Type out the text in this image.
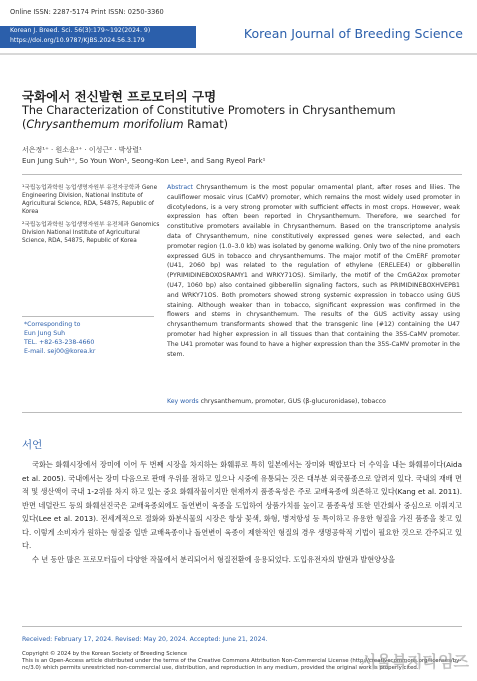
Online ISSN: 2287-5174 Print ISSN: 0250-3360
Korean J. Breed. Sci. 56(3):179~192(2024. 9)
https://doi.org/10.9787/KJBS.2024.56.3.179	Korean Journal of Breeding Science
국화에서 전신발현 프로모터의 구명
The Characterization of Constitutive Promoters in Chrysanthemum (Chrysanthemum morifolium Ramat)
서은정¹⁺ · 원소윤¹⁺ · 이성근² · 박상렬¹
Eun Jung Suh¹⁺, So Youn Won¹, Seong-Kon Lee¹, and Sang Ryeol Park¹

¹국립농업과학원 농업생명자원부 유전자공학과 Gene Engineering Division, National Institute of Agricultural Science, RDA, 54875, Republic of Korea

²국립농업과학원 농업생명자원부 유전체과 Genomics Division National Institute of Agricultural Science, RDA, 54875, Republic of Korea

*Corresponding to
Eun Jung Suh
TEL. +82-63-238-4660
E-mail. sej00@korea.kr
Abstract Chrysanthemum is the most popular ornamental plant, after roses and lilies. The cauliflower mosaic virus (CaMV) promoter, which remains the most widely used promoter in dicotyledons, is a very strong promoter with sufficient effects in most crops. However, weak expression has often been reported in Chrysanthemum. Therefore, we searched for constitutive promoters available in Chrysanthemum. Based on the transcriptome analysis data of Chrysanthemum, nine constitutively expressed genes were selected, and each promoter region (1.0–3.0 kb) was isolated by genome walking. Only two of the nine promoters expressed GUS in tobacco and chrysanthemums. The major motif of the CmERF promoter (U41, 2060 bp) was related to the regulation of ethylene (ERELEE4) or gibberellin (PYRIMIDINEBOXOSRAMY1 and WRKY71OS). Similarly, the motif of the CmGA2ox promoter (U47, 1060 bp) also contained gibberellin signaling factors, such as PRIMIDINEBOXHVEPB1 and WRKY71OS. Both promoters showed strong systemic expression in tobacco using GUS staining. Although weaker than in tobacco, significant expression was confirmed in the flowers and stems in chrysanthemum. The results of the GUS activity assay using chrysanthemum transformants showed that the transgenic line (#12) containing the U47 promoter had higher expression in all tissues than that containing the 35S-CaMV promoter. The U41 promoter was found to have a higher expression than the 35S-CaMV promoter in the stem.
Key words chrysanthemum, promoter, GUS (β-glucuronidase), tobacco
서언

국화는 화훼시장에서 장미에 이어 두 번째 시장을 차지하는 화훼류로 특히 일본에서는 장미와 백합보다 더 수익을 내는 화훼류이다(Aida et al. 2005). 국내에서는 장미 다음으로 판매 우위를 점하고 있으나 시중에 유통되는 것은 대부분 외국품종으로 알려져 있다. 국내의 재배 면적 및 생산액이 국내 1-2위를 차지 하고 있는 중요 화훼작물이지만 현재까지 품종육성은 주로 교배육종에 의존하고 있다(Kang et al. 2011). 반면 네덜란드 등의 화훼선진국은 교배육종외에도 돌연변이 육종을 도입하여 상품가치를 높이고 품종육성 또한 민간회사 중심으로 이뤄지고 있다(Lee et al. 2013). 전세계적으로 절화와 화분식물의 시장은 항상 꽃색, 화형, 병저항성 등 특이하고 유용한 형질을 가진 품종을 찾고 있다. 이렇게 소비자가 원하는 형질중 일반 교배육종이나 돌연변이 육종이 제한적인 형질의 경우 생명공학적 기법이 필요한 것으로 간주되고 있다.

수 년 동안 많은 프로모터들이 다양한 작물에서 분리되어서 형질전환에 응용되었다. 도입유전자의 발현과 발현양상을

Received: February 17, 2024. Revised: May 20, 2024. Accepted: June 21, 2024.
Copyright © 2024 by the Korean Society of Breeding Science
This is an Open-Access article distributed under the terms of the Creative Commons Attribution Non-Commercial License (http://creativecommons.org/licenses/by-nc/3.0) which permits unrestricted non-commercial use, distribution, and reproduction in any medium, provided the original work is properly cited.
서울복지타임즈
